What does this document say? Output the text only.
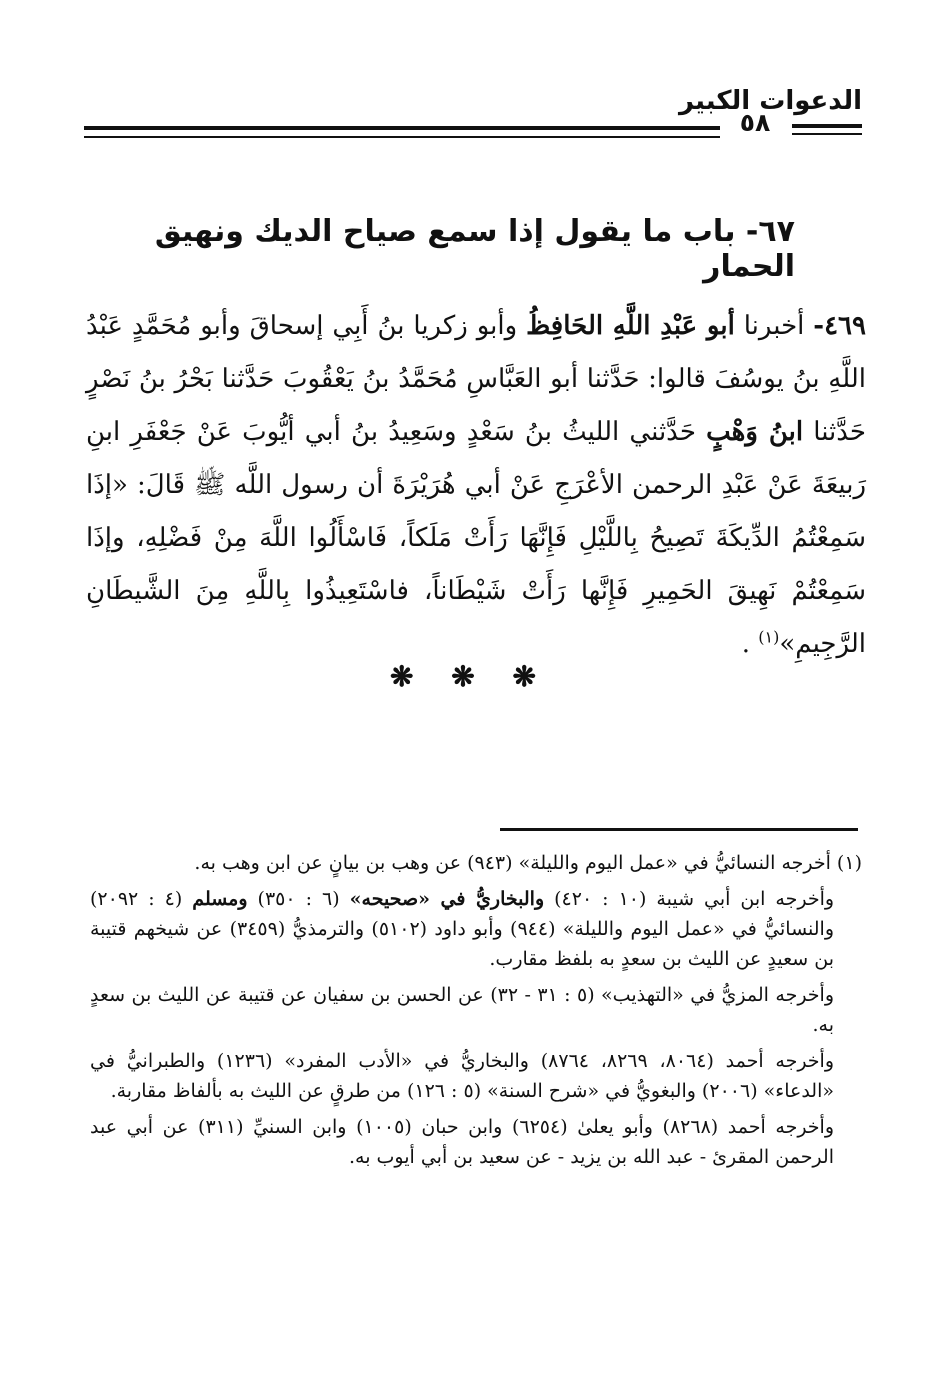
الدعوات الكبير
٥٨
٦٧- باب ما يقول إذا سمع صياح الديك ونهيق الحمار
٤٦٩- أخبرنا أبو عَبْدِ اللَّهِ الحَافِظُ وأبو زكريا بنُ أَبِي إسحاقَ وأبو مُحَمَّدٍ عَبْدُ اللَّهِ بنُ يوسُفَ قالوا: حَدَّثنا أبو العَبَّاسِ مُحَمَّدُ بنُ يَعْقُوبَ حَدَّثنا بَحْرُ بنُ نَصْرٍ حَدَّثنا ابنُ وَهْبٍ حَدَّثني الليثُ بنُ سَعْدٍ وسَعِيدُ بنُ أبي أيُّوبَ عَنْ جَعْفَرِ ابنِ رَبيعَةَ عَنْ عَبْدِ الرحمن الأعْرَجِ عَنْ أبي هُرَيْرَةَ أن رسول اللَّه ﷺ قَالَ: «إذَا سَمِعْتُمُ الدِّيكَةَ تَصِيحُ بِاللَّيْلِ فَإِنَّهَا رَأَتْ مَلَكاً، فَاسْأَلُوا اللَّهَ مِنْ فَضْلِهِ، وإذَا سَمِعْتُمْ نَهِيقَ الحَمِيرِ فَإِنَّها رَأَتْ شَيْطَاناً، فاسْتَعِيذُوا بِاللَّهِ مِنَ الشَّيطَانِ الرَّجِيمِ»$^{(١)}$ .
❋ ❋ ❋

(١) أخرجه النسائيُّ في «عمل اليوم والليلة» (٩٤٣) عن وهب بن بيانٍ عن ابن وهب به.

وأخرجه ابن أبي شيبة (١٠ : ٤٢٠) والبخاريُّ في «صحيحه» (٦ : ٣٥٠) ومسلم (٤ : ٢٠٩٢) والنسائيُّ في «عمل اليوم والليلة» (٩٤٤) وأبو داود (٥١٠٢) والترمذيُّ (٣٤٥٩) عن شيخهم قتيبة بن سعيدٍ عن الليث بن سعدٍ به بلفظ مقارب.

وأخرجه المزيُّ في «التهذيب» (٥ : ٣١ - ٣٢) عن الحسن بن سفيان عن قتيبة عن الليث بن سعدٍ به.

وأخرجه أحمد (٨٠٦٤، ٨٢٦٩، ٨٧٦٤) والبخاريُّ في «الأدب المفرد» (١٢٣٦) والطبرانيُّ في «الدعاء» (٢٠٠٦) والبغويُّ في «شرح السنة» (٥ : ١٢٦) من طرقٍ عن الليث به بألفاظ مقاربة.

وأخرجه أحمد (٨٢٦٨) وأبو يعلىٰ (٦٢٥٤) وابن حبان (١٠٠٥) وابن السنيِّ (٣١١) عن أبي عبد الرحمن المقرئ - عبد الله بن يزيد - عن سعيد بن أبي أيوب به.
